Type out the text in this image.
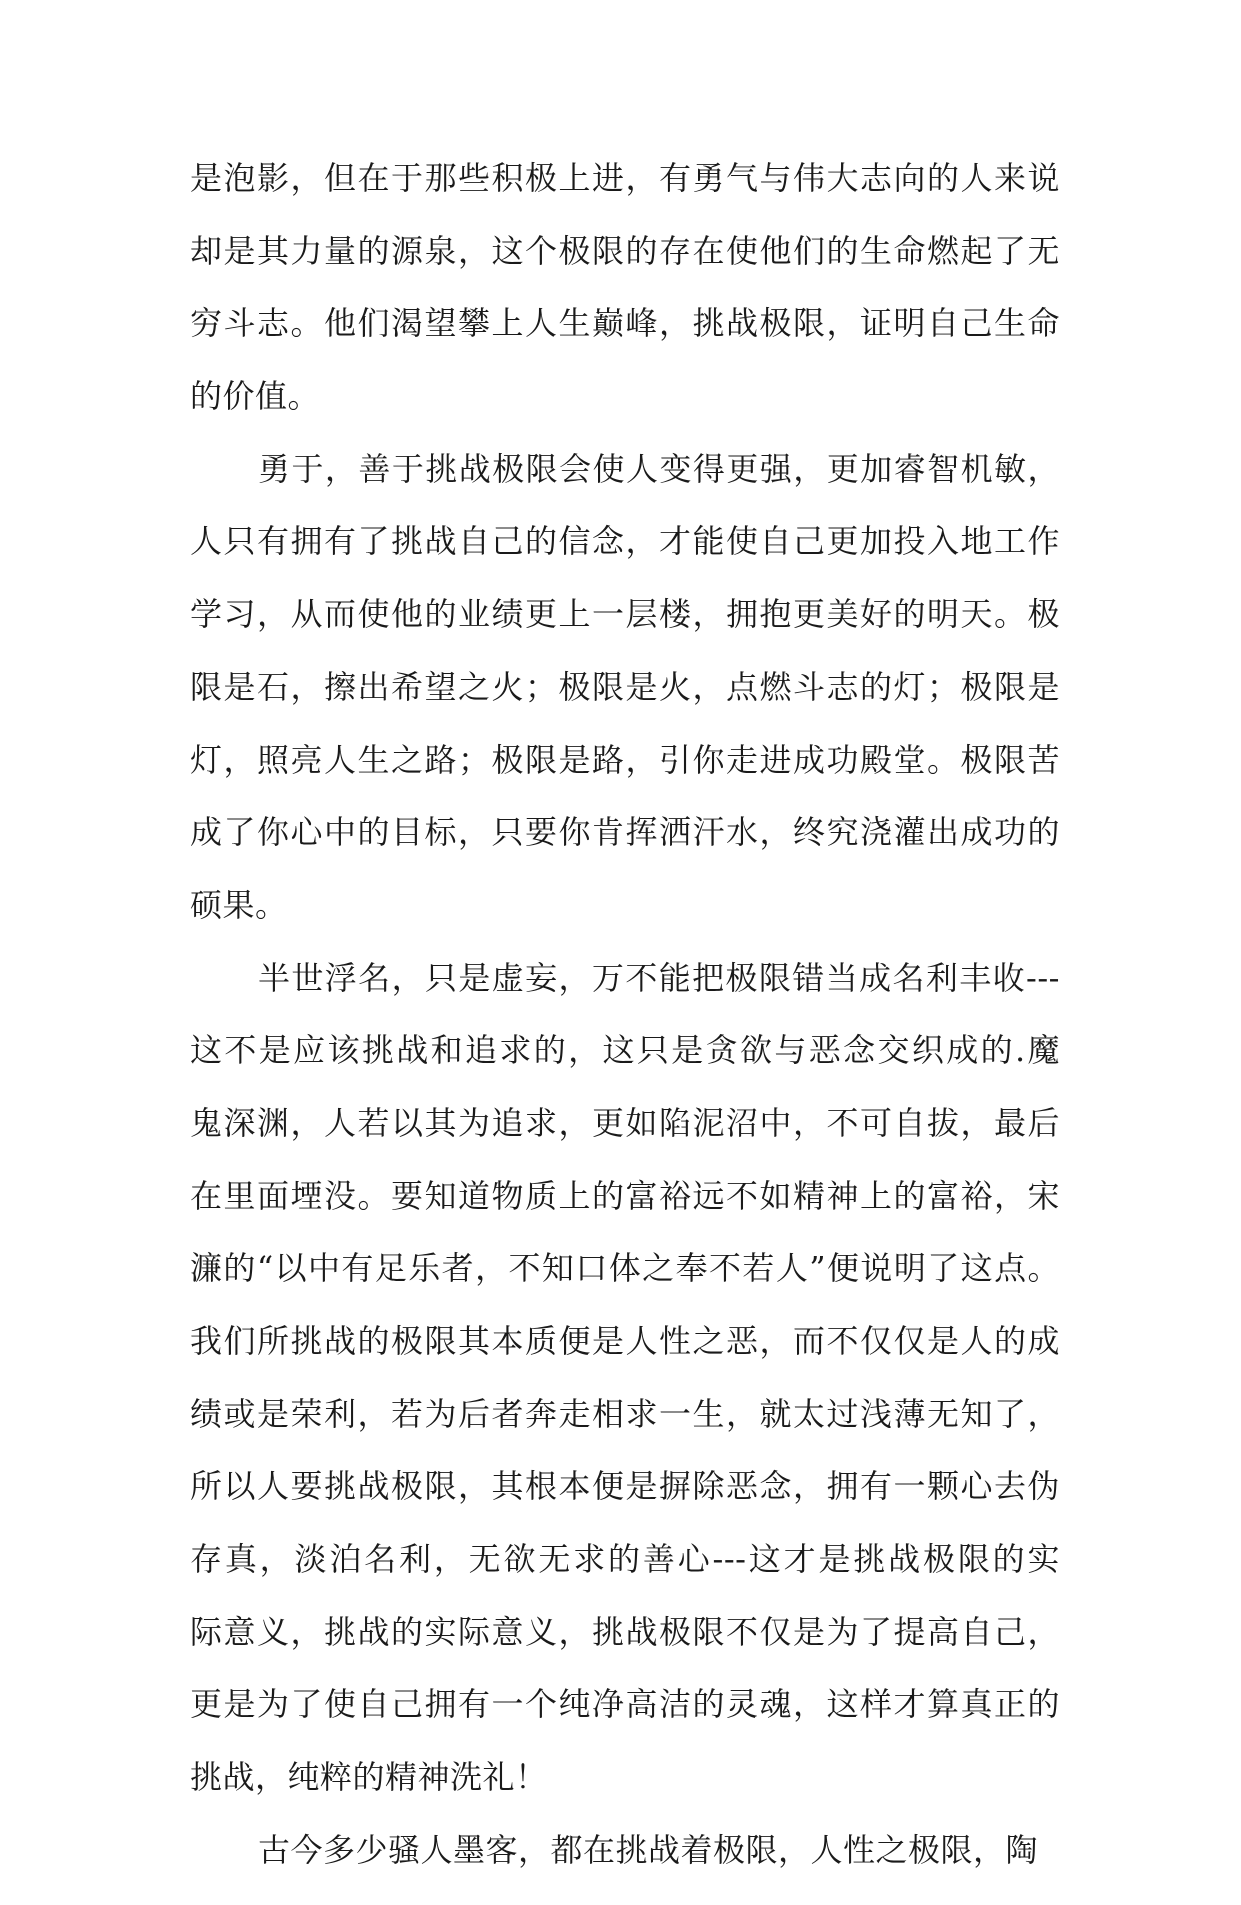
是泡影，但在于那些积极上进，有勇气与伟大志向的人来说
却是其力量的源泉，这个极限的存在使他们的生命燃起了无
穷斗志。他们渴望攀上人生巅峰，挑战极限，证明自己生命
的价值。
勇于，善于挑战极限会使人变得更强，更加睿智机敏，
人只有拥有了挑战自己的信念，才能使自己更加投入地工作
学习，从而使他的业绩更上一层楼，拥抱更美好的明天。极
限是石，擦出希望之火；极限是火，点燃斗志的灯；极限是
灯，照亮人生之路；极限是路，引你走进成功殿堂。极限苦
成了你心中的目标，只要你肯挥洒汗水，终究浇灌出成功的
硕果。
半世浮名，只是虚妄，万不能把极限错当成名利丰收---
这不是应该挑战和追求的，这只是贪欲与恶念交织成的.魔
鬼深渊，人若以其为追求，更如陷泥沼中，不可自拔，最后
在里面堙没。要知道物质上的富裕远不如精神上的富裕，宋
濂的“以中有足乐者，不知口体之奉不若人”便说明了这点。
我们所挑战的极限其本质便是人性之恶，而不仅仅是人的成
绩或是荣利，若为后者奔走相求一生，就太过浅薄无知了，
所以人要挑战极限，其根本便是摒除恶念，拥有一颗心去伪
存真，淡泊名利，无欲无求的善心---这才是挑战极限的实
际意义，挑战的实际意义，挑战极限不仅是为了提高自己，
更是为了使自己拥有一个纯净高洁的灵魂，这样才算真正的
挑战，纯粹的精神洗礼！
古今多少骚人墨客，都在挑战着极限，人性之极限，陶
